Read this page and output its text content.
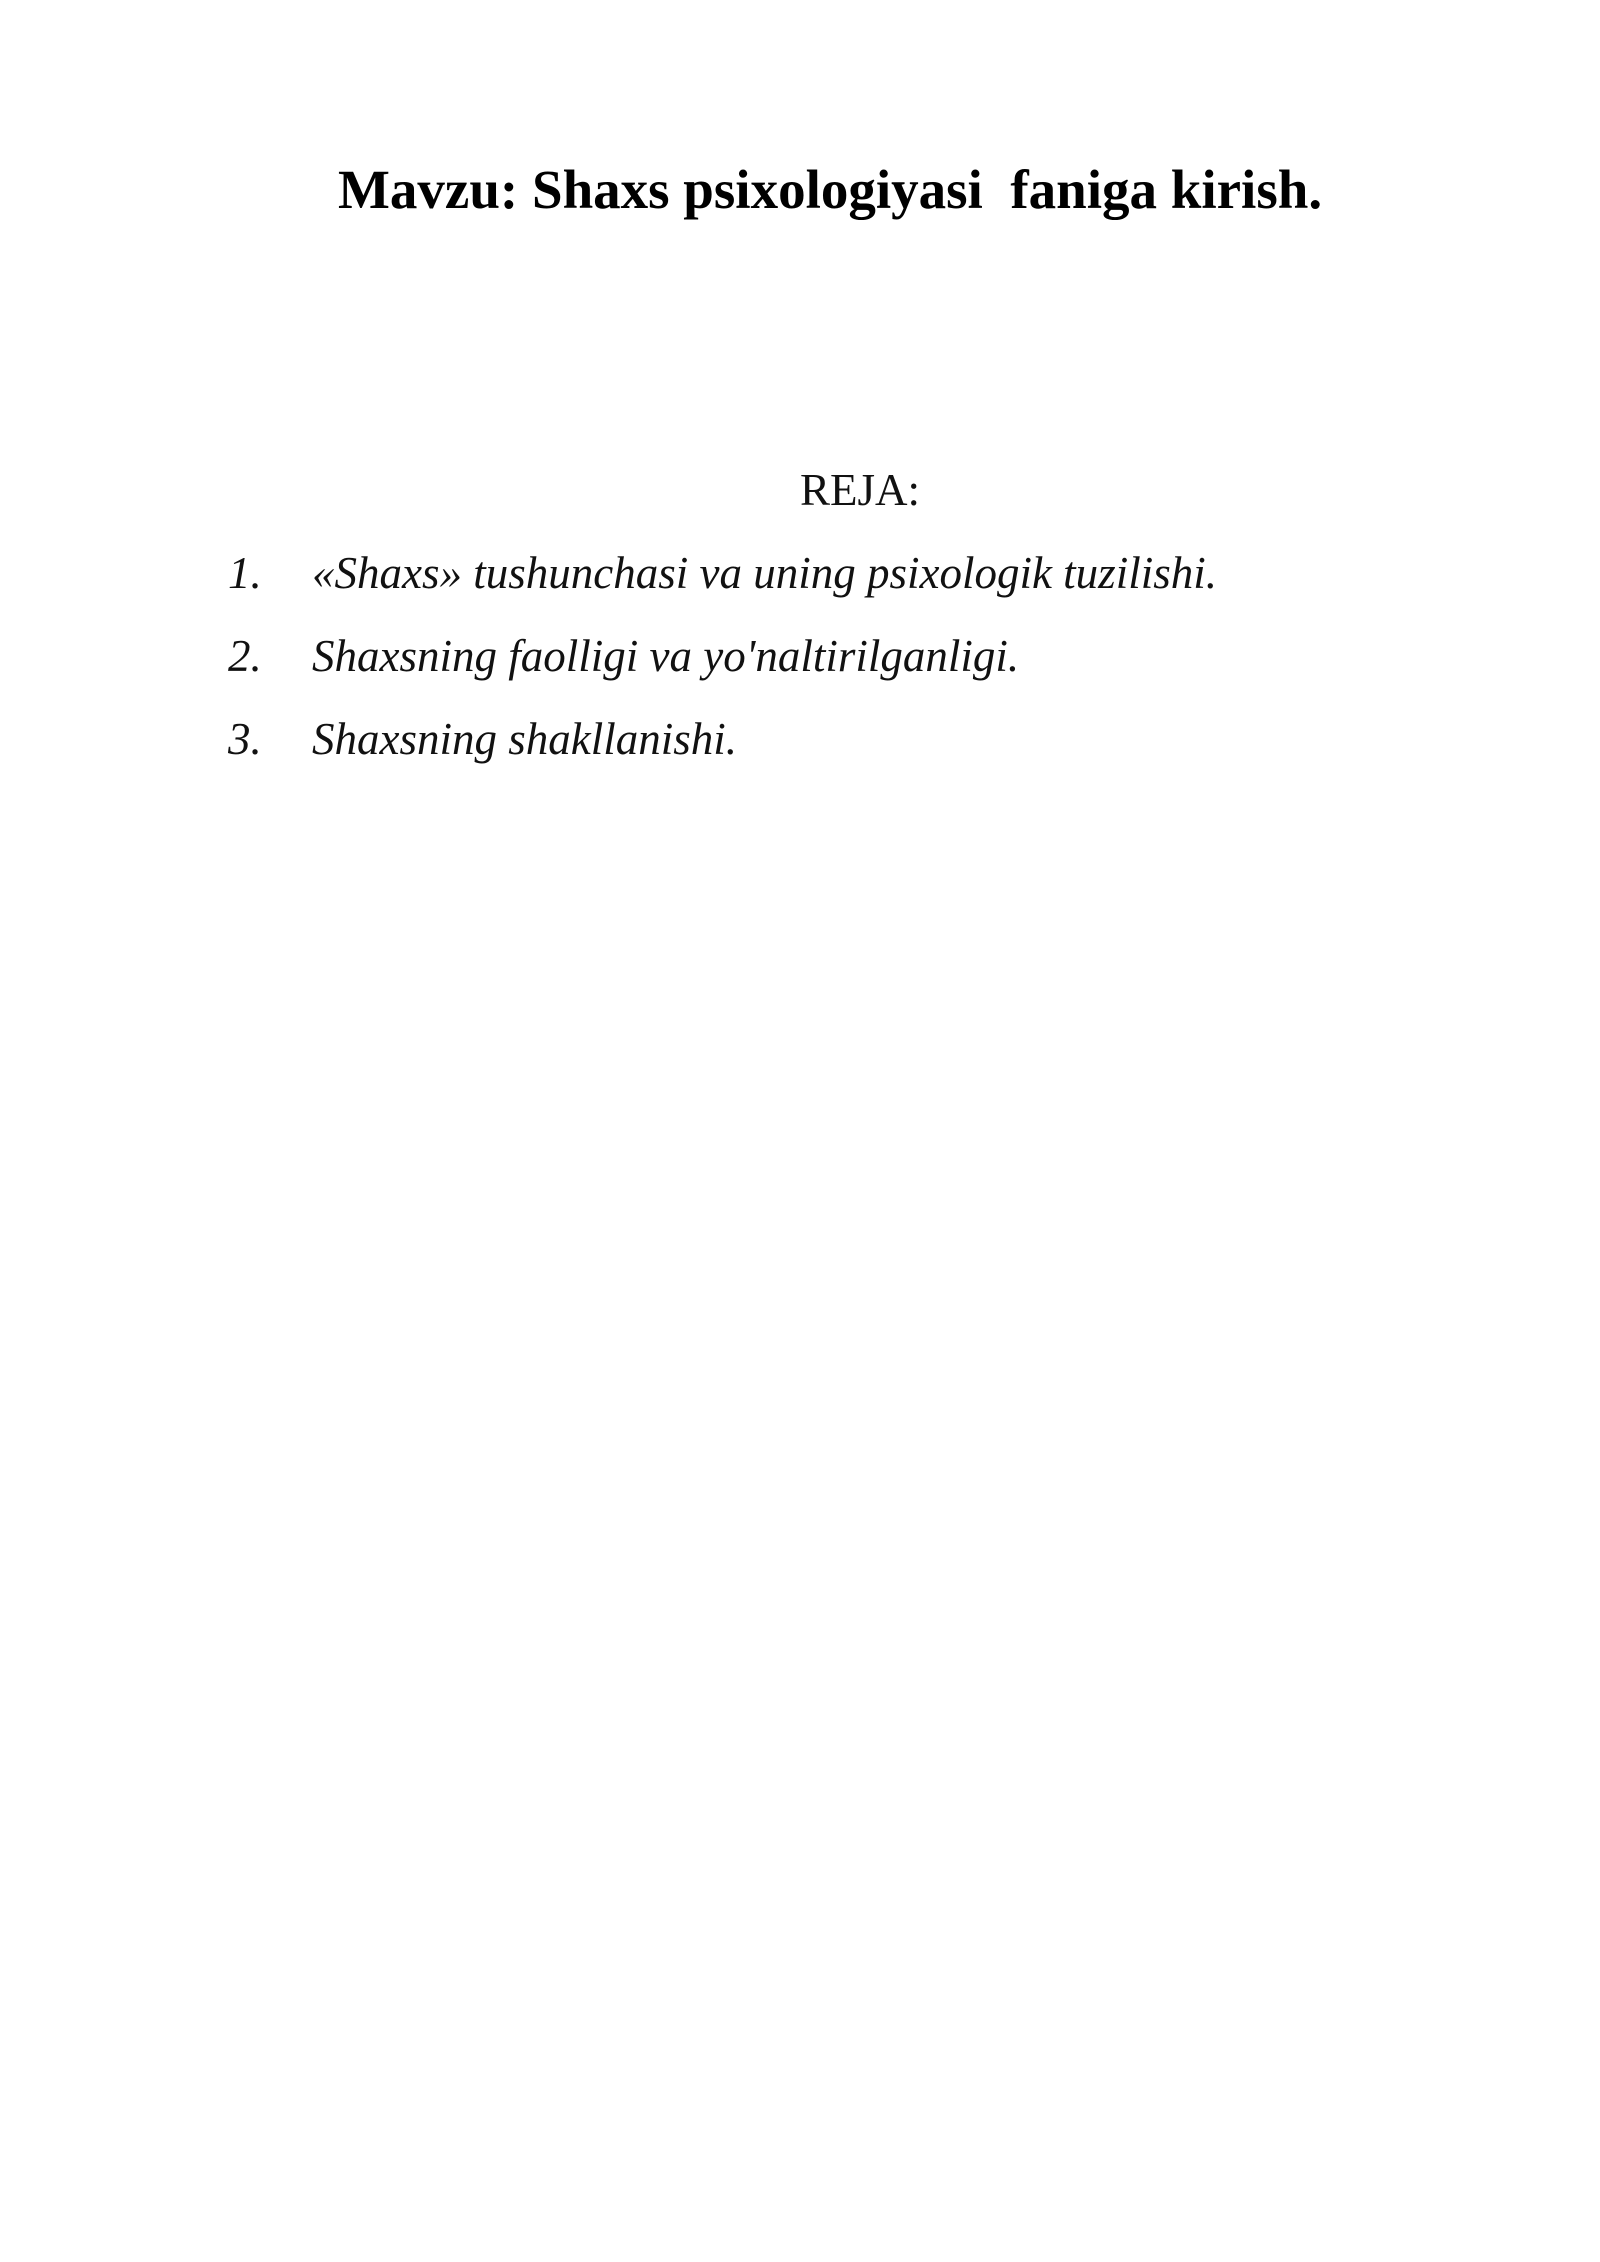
Mavzu: Shaxs psixologiyasi  faniga kirish.
REJA:
1. «Shaxs» tushunchasi va uning psixologik tuzilishi.
2. Shaxsning faolligi va yo'naltirilganligi.
3. Shaxsning shakllanishi.
